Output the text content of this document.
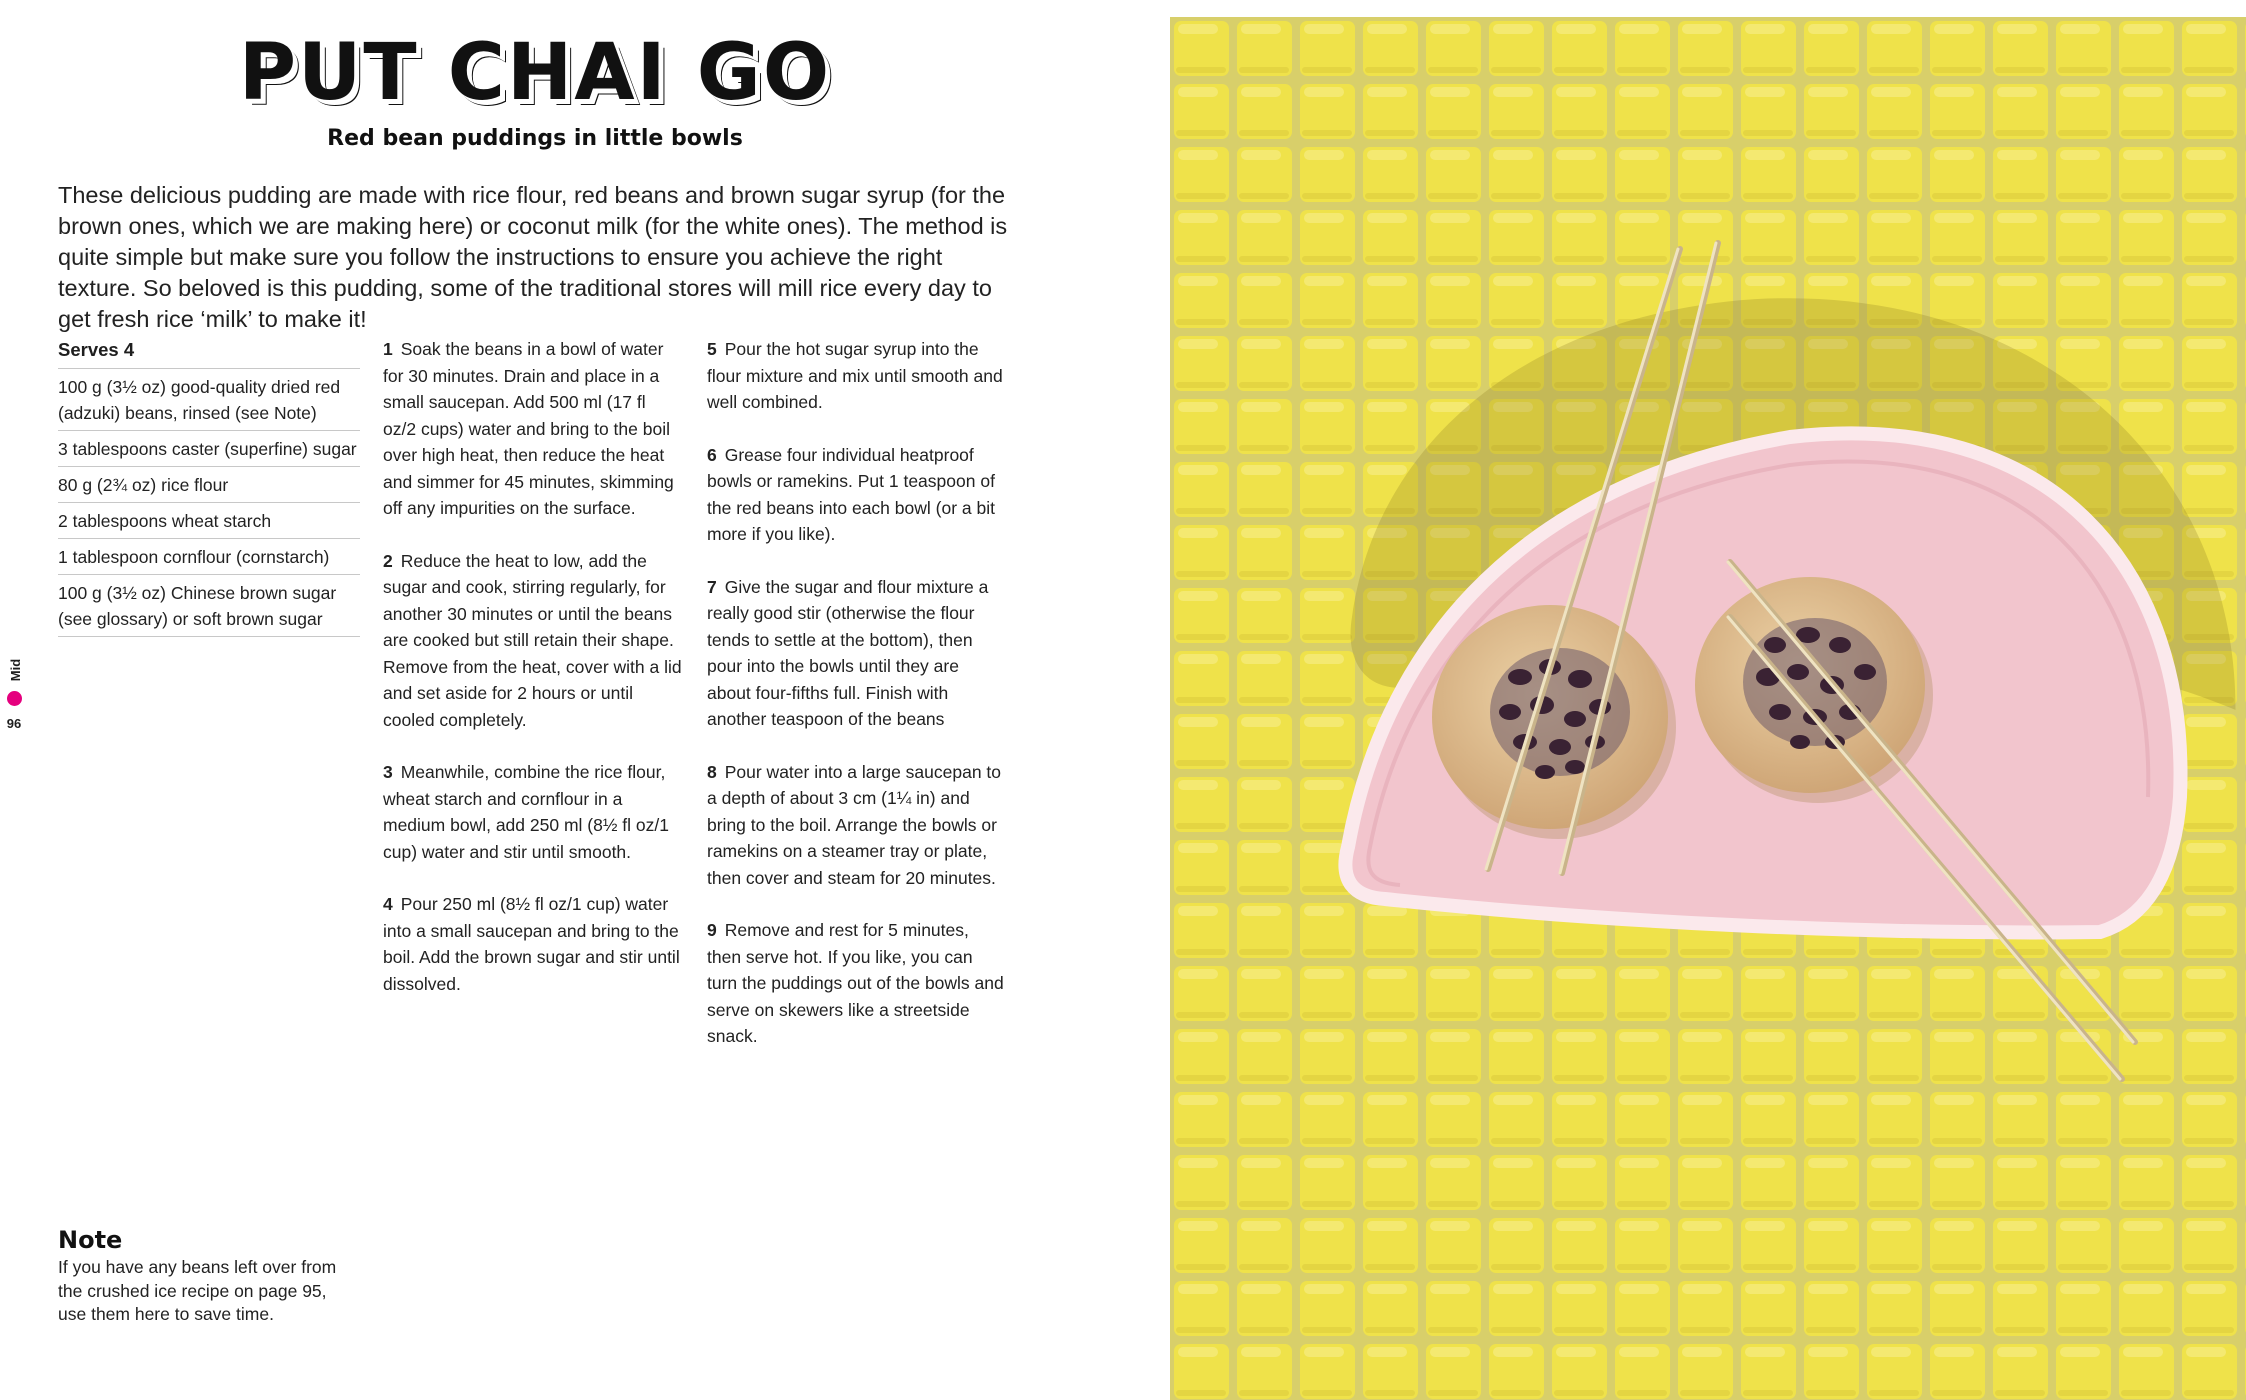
PUT CHAI GO
Red bean puddings in little bowls

These delicious pudding are made with rice flour, red beans and brown sugar syrup (for the brown ones, which we are making here) or coconut milk (for the white ones). The method is quite simple but make sure you follow the instructions to ensure you achieve the right texture. So beloved is this pudding, some of the traditional stores will mill rice every day to get fresh rice ‘milk’ to make it!

Serves 4

100 g (3½ oz) good-quality dried red (adzuki) beans, rinsed (see Note)
3 tablespoons caster (superfine) sugar
80 g (2¾ oz) rice flour
2 tablespoons wheat starch
1 tablespoon cornflour (cornstarch)
100 g (3½ oz) Chinese brown sugar (see glossary) or soft brown sugar

1 Soak the beans in a bowl of water for 30 minutes. Drain and place in a small saucepan. Add 500 ml (17 fl oz/2 cups) water and bring to the boil over high heat, then reduce the heat and simmer for 45 minutes, skimming off any impurities on the surface.

2 Reduce the heat to low, add the sugar and cook, stirring regularly, for another 30 minutes or until the beans are cooked but still retain their shape. Remove from the heat, cover with a lid and set aside for 2 hours or until cooled completely.

3 Meanwhile, combine the rice flour, wheat starch and cornflour in a medium bowl, add 250 ml (8½ fl oz/1 cup) water and stir until smooth.

4 Pour 250 ml (8½ fl oz/1 cup) water into a small saucepan and bring to the boil. Add the brown sugar and stir until dissolved.

5 Pour the hot sugar syrup into the flour mixture and mix until smooth and well combined.

6 Grease four individual heatproof bowls or ramekins. Put 1 teaspoon of the red beans into each bowl (or a bit more if you like).

7 Give the sugar and flour mixture a really good stir (otherwise the flour tends to settle at the bottom), then pour into the bowls until they are about four-fifths full. Finish with another teaspoon of the beans

8 Pour water into a large saucepan to a depth of about 3 cm (1¼ in) and bring to the boil. Arrange the bowls or ramekins on a steamer tray or plate, then cover and steam for 20 minutes.

9 Remove and rest for 5 minutes, then serve hot. If you like, you can turn the puddings out of the bowls and serve on skewers like a streetside snack.

Note

If you have any beans left over from the crushed ice recipe on page 95, use them here to save time.

Mid
96
